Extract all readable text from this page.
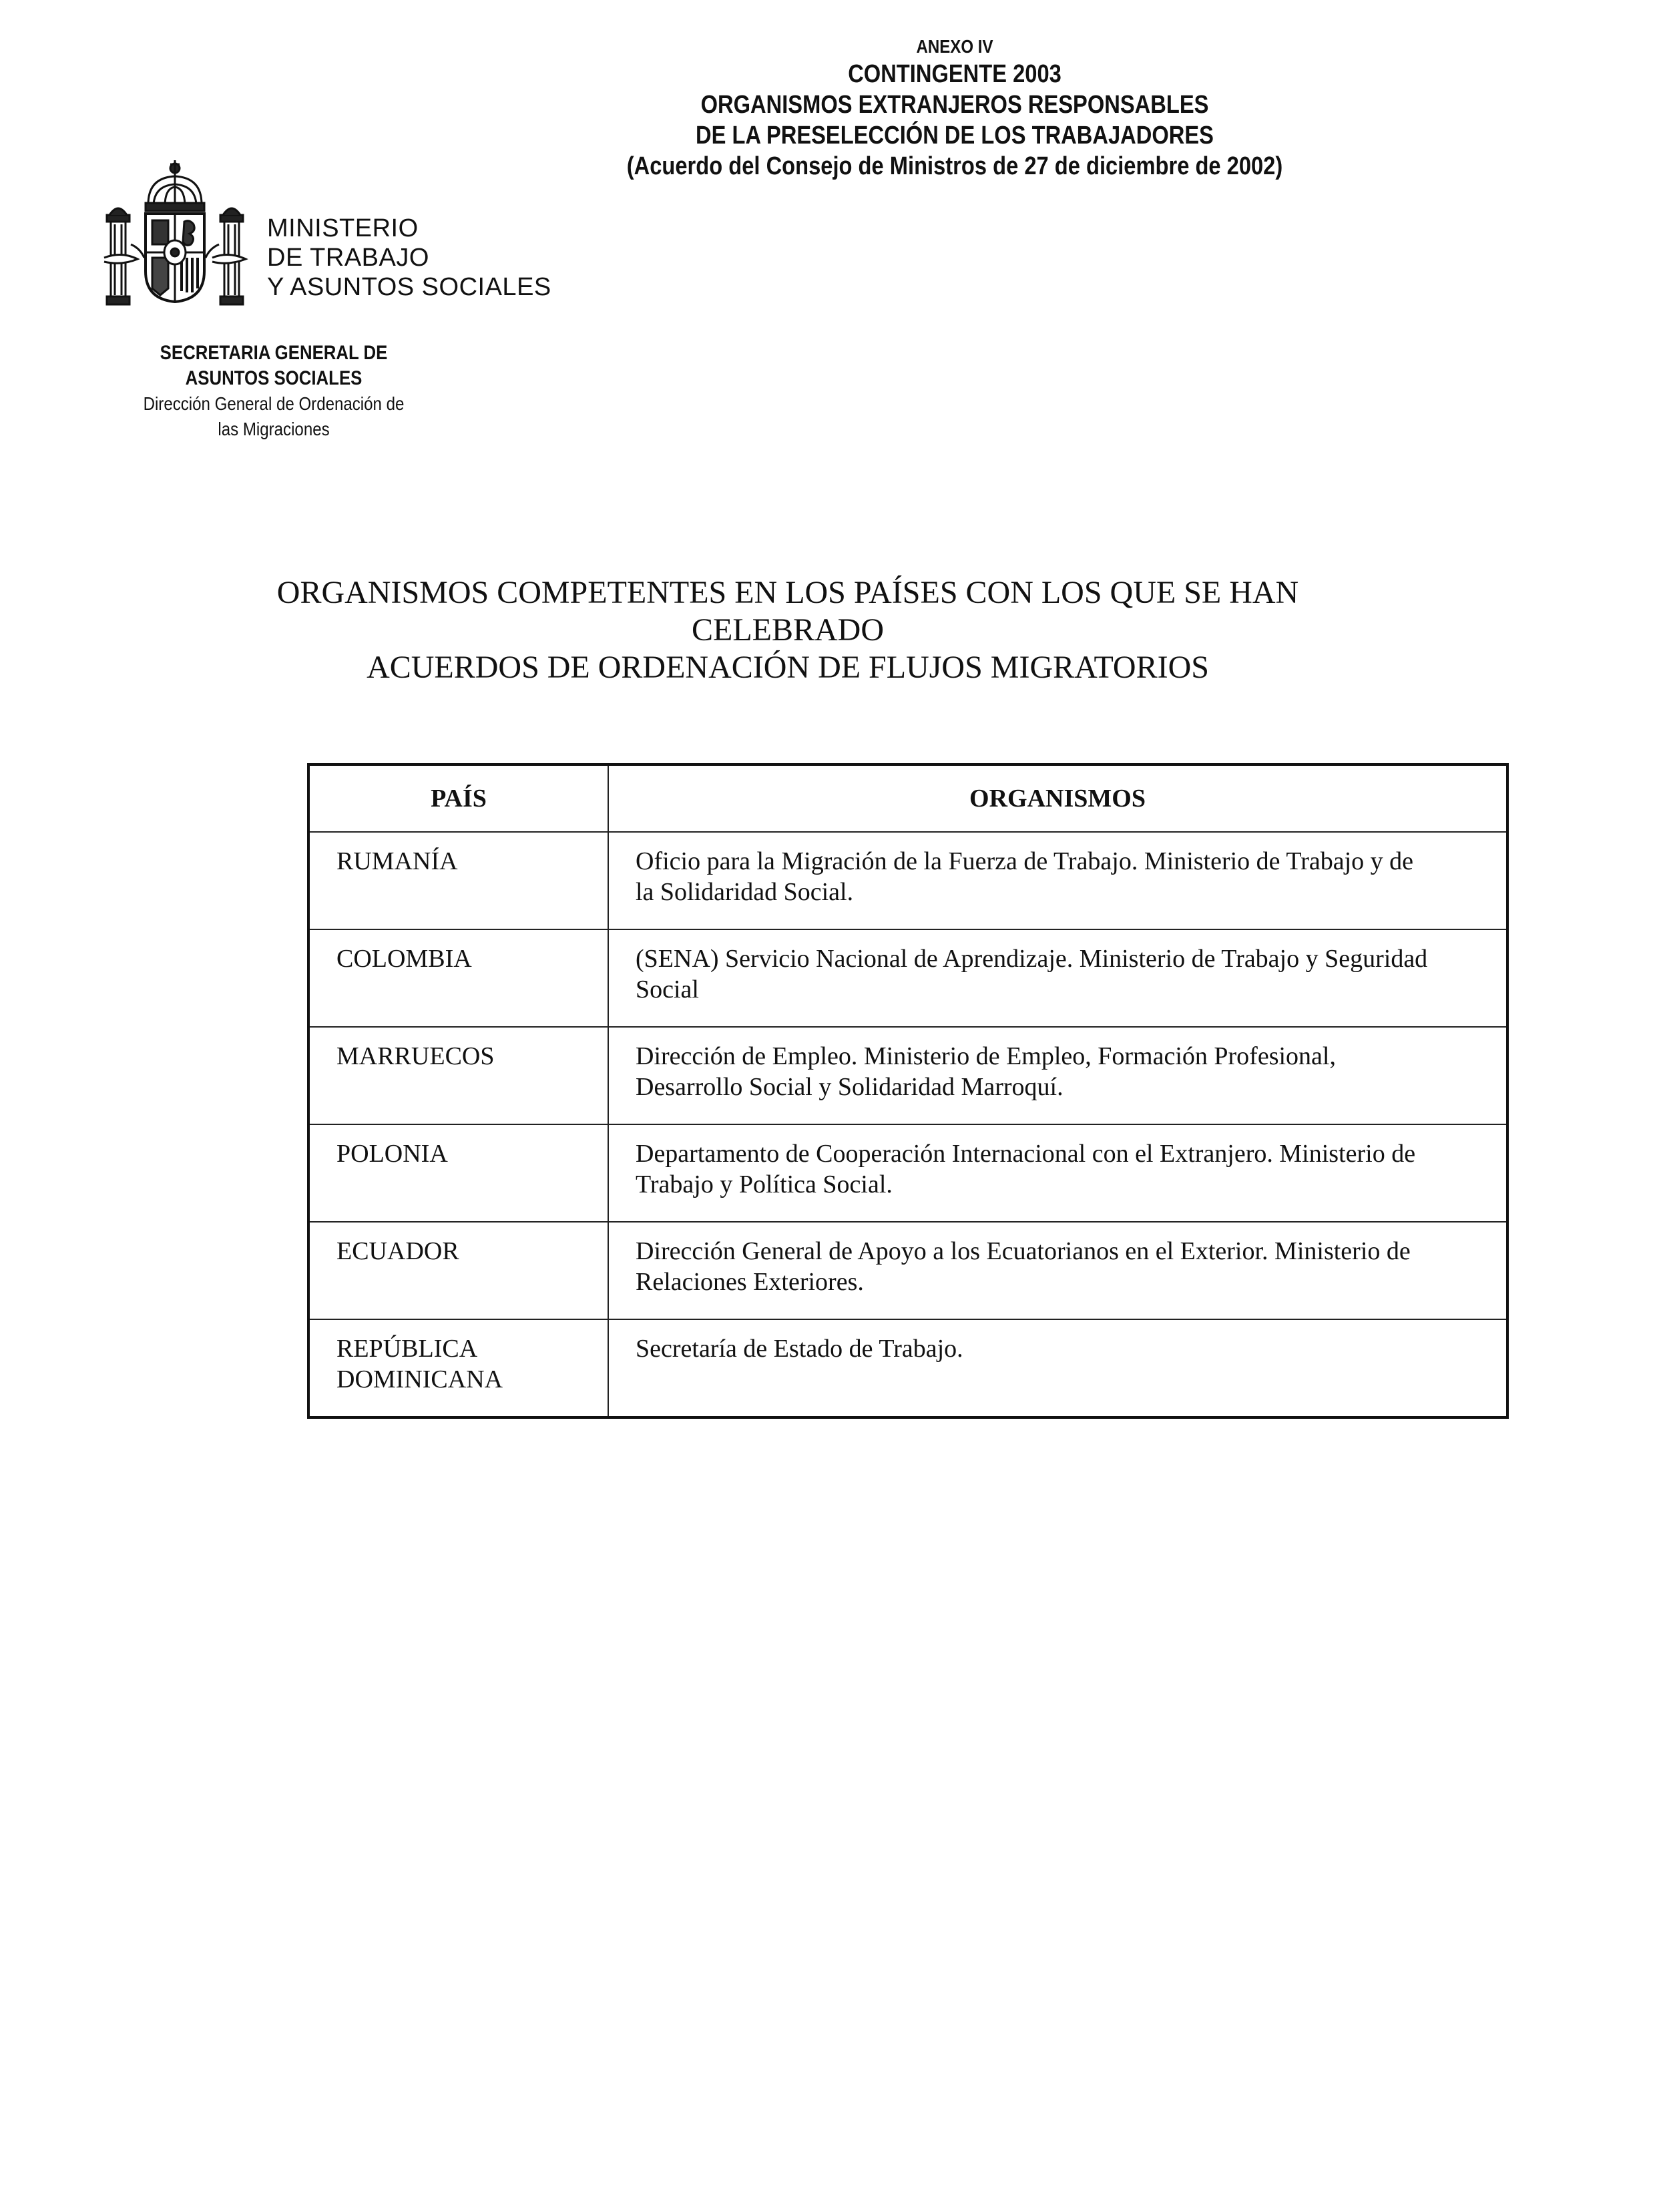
ANEXO IV
CONTINGENTE 2003
ORGANISMOS EXTRANJEROS RESPONSABLES
DE LA PRESELECCIÓN DE LOS TRABAJADORES
(Acuerdo del Consejo de Ministros de 27 de diciembre de 2002)
MINISTERIO
DE TRABAJO
Y ASUNTOS SOCIALES
SECRETARIA GENERAL DE
ASUNTOS SOCIALES
Dirección General de Ordenación de
las Migraciones
ORGANISMOS COMPETENTES EN LOS PAÍSES CON LOS QUE SE HAN CELEBRADO
ACUERDOS DE ORDENACIÓN DE FLUJOS MIGRATORIOS
PAÍS	ORGANISMOS

RUMANÍA	Oficio para la Migración de la Fuerza de Trabajo. Ministerio de Trabajo y de
la Solidaridad Social.

COLOMBIA	(SENA) Servicio Nacional de Aprendizaje. Ministerio de Trabajo y Seguridad
Social

MARRUECOS	Dirección de Empleo. Ministerio de Empleo, Formación Profesional,
Desarrollo Social y Solidaridad Marroquí.

POLONIA	Departamento de Cooperación Internacional con el Extranjero. Ministerio de
Trabajo y Política Social.

ECUADOR	Dirección General de Apoyo a los Ecuatorianos en el Exterior. Ministerio de
Relaciones Exteriores.

REPÚBLICA
DOMINICANA	Secretaría de Estado de Trabajo.
